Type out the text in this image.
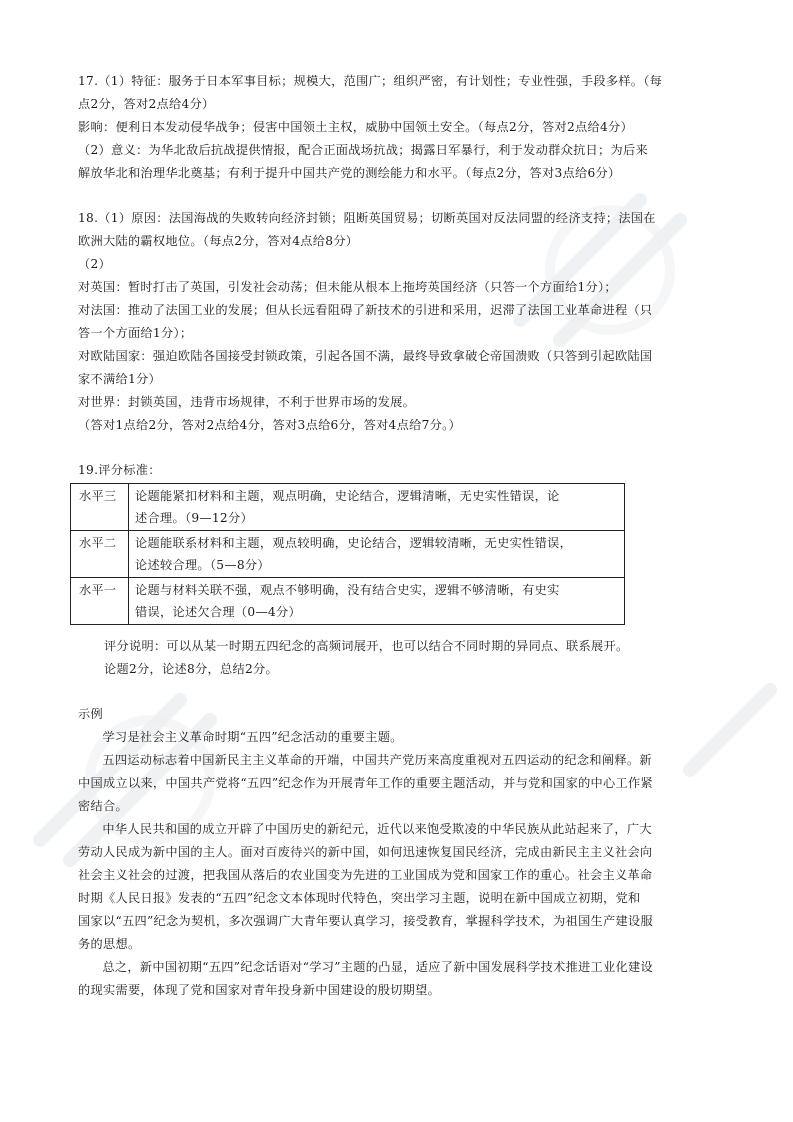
17.（1）特征：服务于日本军事目标；规模大，范围广；组织严密，有计划性；专业性强，手段多样。（每

点2分，答对2点给4分）

影响：便利日本发动侵华战争；侵害中国领土主权，威胁中国领土安全。（每点2分，答对2点给4分）

（2）意义：为华北敌后抗战提供情报，配合正面战场抗战；揭露日军暴行，利于发动群众抗日；为后来

解放华北和治理华北奠基；有利于提升中国共产党的测绘能力和水平。（每点2分，答对3点给6分）

18.（1）原因：法国海战的失败转向经济封锁；阻断英国贸易；切断英国对反法同盟的经济支持；法国在

欧洲大陆的霸权地位。（每点2分，答对4点给8分）

（2）

对英国：暂时打击了英国，引发社会动荡；但未能从根本上拖垮英国经济（只答一个方面给1分）；

对法国：推动了法国工业的发展；但从长远看阻碍了新技术的引进和采用，迟滞了法国工业革命进程（只

答一个方面给1分）；

对欧陆国家：强迫欧陆各国接受封锁政策，引起各国不满，最终导致拿破仑帝国溃败（只答到引起欧陆国

家不满给1分）

对世界：封锁英国，违背市场规律，不利于世界市场的发展。

（答对1点给2分，答对2点给4分，答对3点给6分，答对4点给7分。）

19.评分标准：

水平三	论题能紧扣材料和主题，观点明确，史论结合，逻辑清晰，无史实性错误，论
述合理。（9—12分）

水平二	论题能联系材料和主题，观点较明确，史论结合，逻辑较清晰，无史实性错误，
论述较合理。（5—8分）

水平一	论题与材料关联不强，观点不够明确，没有结合史实，逻辑不够清晰，有史实
错误，论述欠合理（0—4分）

评分说明：可以从某一时期五四纪念的高频词展开，也可以结合不同时期的异同点、联系展开。

论题2分，论述8分，总结2分。

示例

学习是社会主义革命时期“五四”纪念活动的重要主题。

五四运动标志着中国新民主主义革命的开端，中国共产党历来高度重视对五四运动的纪念和阐释。新

中国成立以来，中国共产党将“五四”纪念作为开展青年工作的重要主题活动，并与党和国家的中心工作紧

密结合。

中华人民共和国的成立开辟了中国历史的新纪元，近代以来饱受欺凌的中华民族从此站起来了，广大

劳动人民成为新中国的主人。面对百废待兴的新中国，如何迅速恢复国民经济，完成由新民主主义社会向

社会主义社会的过渡，把我国从落后的农业国变为先进的工业国成为党和国家工作的重心。社会主义革命

时期《人民日报》发表的“五四”纪念文本体现时代特色，突出学习主题，说明在新中国成立初期，党和

国家以“五四”纪念为契机，多次强调广大青年要认真学习，接受教育，掌握科学技术，为祖国生产建设服

务的思想。

总之，新中国初期“五四”纪念话语对“学习”主题的凸显，适应了新中国发展科学技术推进工业化建设

的现实需要，体现了党和国家对青年投身新中国建设的殷切期望。
